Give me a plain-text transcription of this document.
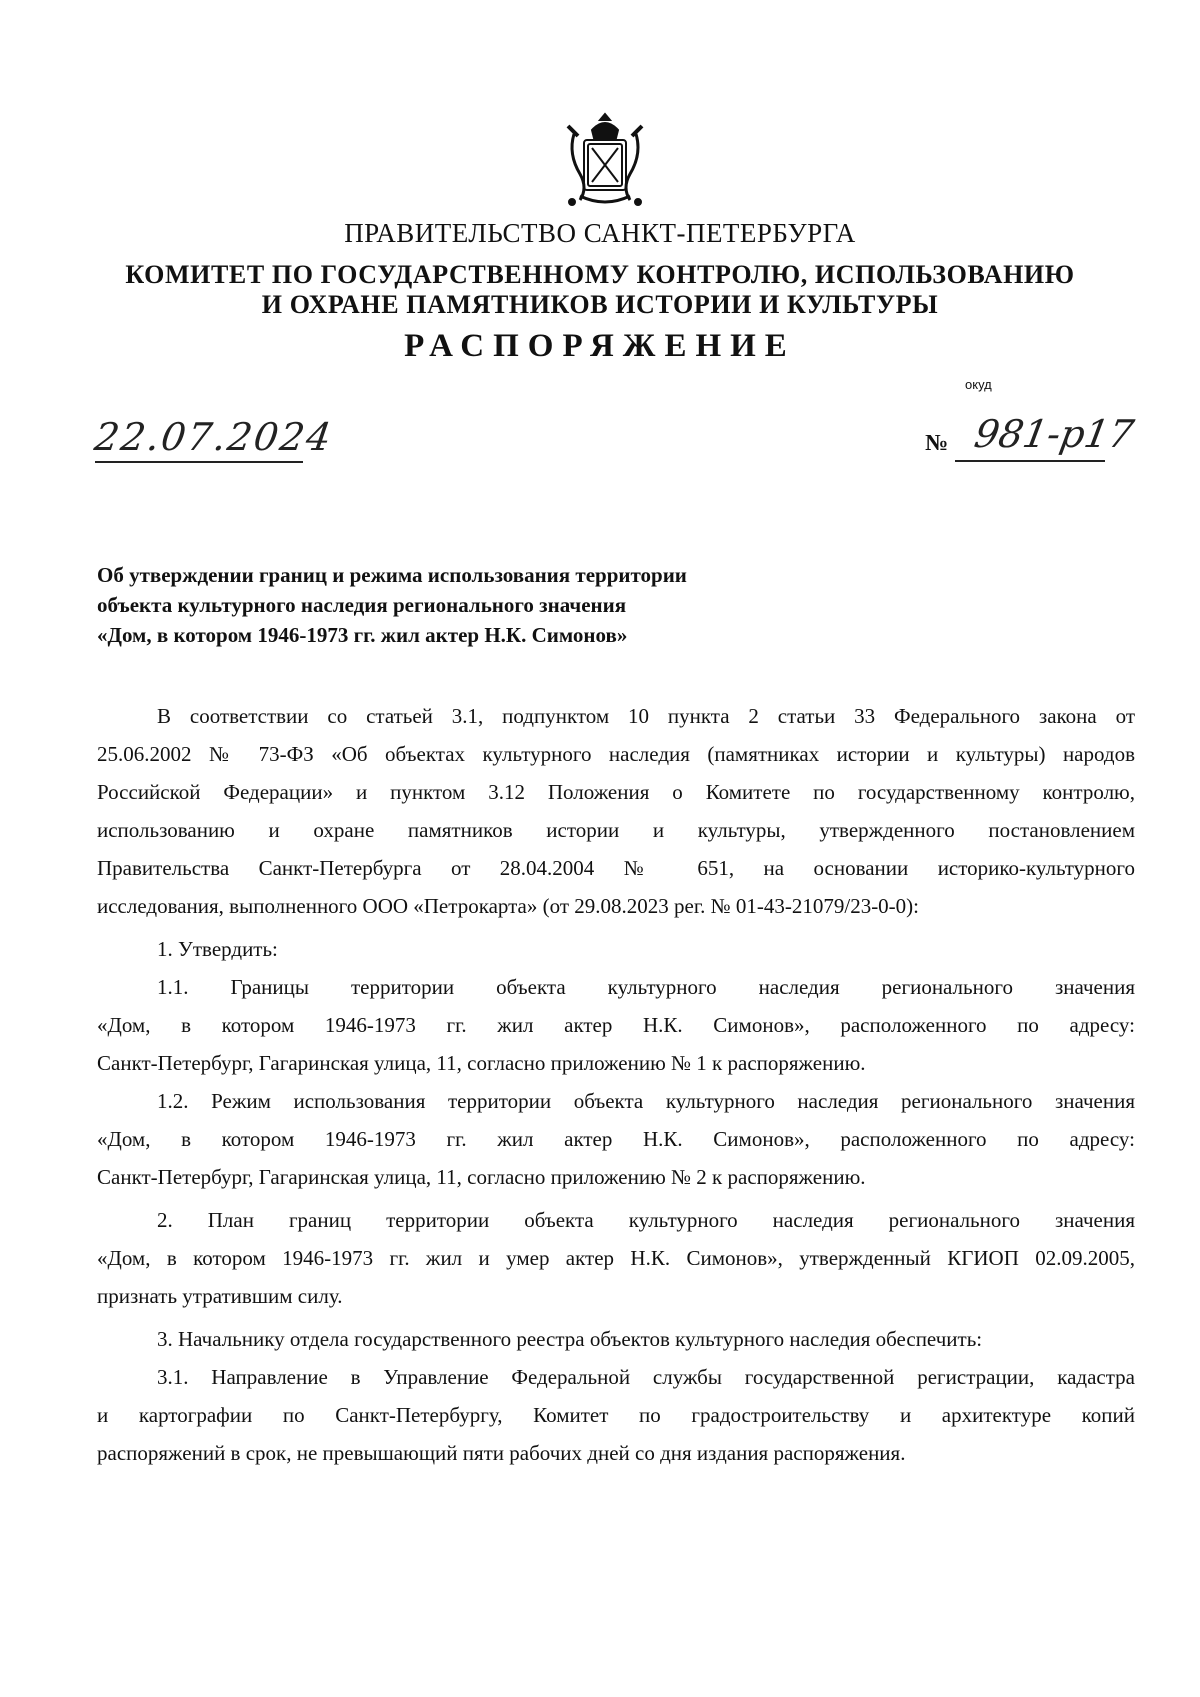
ПРАВИТЕЛЬСТВО САНКТ-ПЕТЕРБУРГА
КОМИТЕТ ПО ГОСУДАРСТВЕННОМУ КОНТРОЛЮ, ИСПОЛЬЗОВАНИЮ
И ОХРАНЕ ПАМЯТНИКОВ ИСТОРИИ И КУЛЬТУРЫ
РАСПОРЯЖЕНИЕ
окуд
22.07.2024	№ 981-р17
Об утверждении границ и режима использования территории
объекта культурного наследия регионального значения
«Дом, в котором 1946-1973 гг. жил актер Н.К. Симонов»

В соответствии со статьей 3.1, подпунктом 10 пункта 2 статьи 33 Федерального закона от

25.06.2002 № 73-ФЗ «Об объектах культурного наследия (памятниках истории и культуры) народов

Российской Федерации» и пунктом 3.12 Положения о Комитете по государственному контролю,

использованию и охране памятников истории и культуры, утвержденного постановлением

Правительства Санкт-Петербурга от 28.04.2004 № 651, на основании историко-культурного

исследования, выполненного ООО «Петрокарта» (от 29.08.2023 рег. № 01-43-21079/23-0-0):

1. Утвердить:

1.1. Границы территории объекта культурного наследия регионального значения

«Дом, в котором 1946-1973 гг. жил актер Н.К. Симонов», расположенного по адресу:

Санкт-Петербург, Гагаринская улица, 11, согласно приложению № 1 к распоряжению.

1.2. Режим использования территории объекта культурного наследия регионального значения

«Дом, в котором 1946-1973 гг. жил актер Н.К. Симонов», расположенного по адресу:

Санкт-Петербург, Гагаринская улица, 11, согласно приложению № 2 к распоряжению.

2. План границ территории объекта культурного наследия регионального значения

«Дом, в котором 1946-1973 гг. жил и умер актер Н.К. Симонов», утвержденный КГИОП 02.09.2005,

признать утратившим силу.

3. Начальнику отдела государственного реестра объектов культурного наследия обеспечить:

3.1. Направление в Управление Федеральной службы государственной регистрации, кадастра

и картографии по Санкт-Петербургу, Комитет по градостроительству и архитектуре копий

распоряжений в срок, не превышающий пяти рабочих дней со дня издания распоряжения.
